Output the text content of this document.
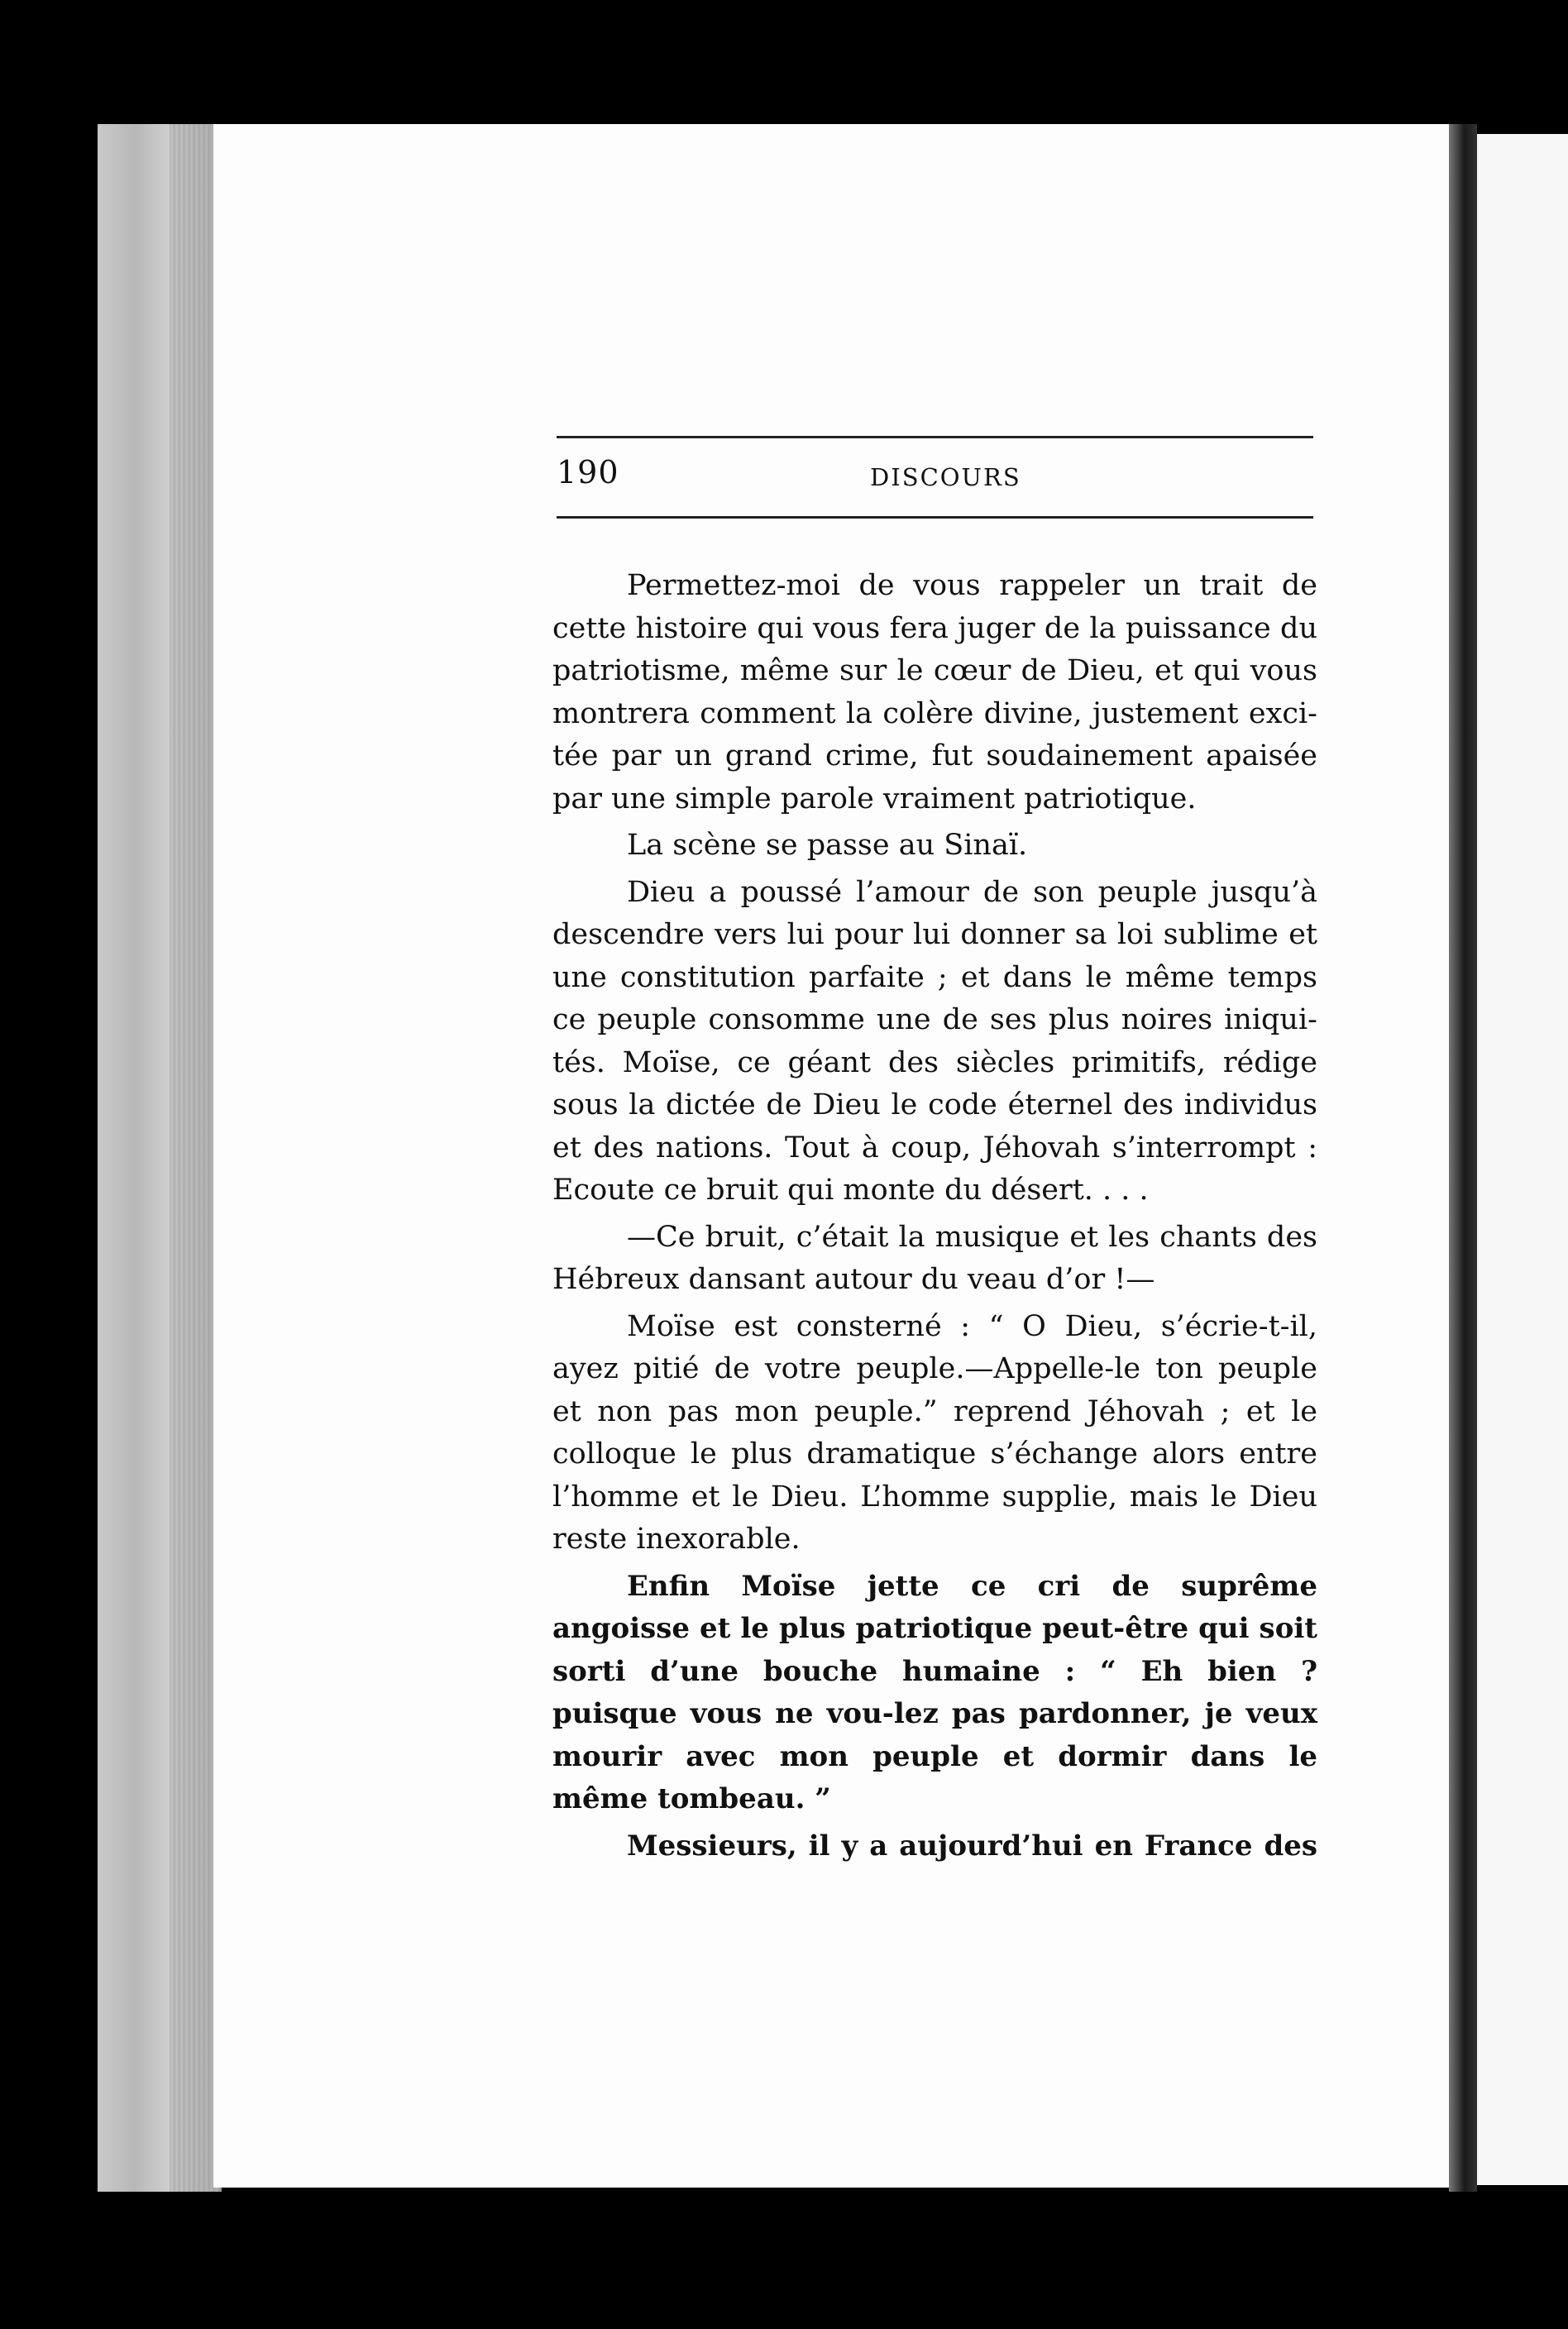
190	DISCOURS

Permettez-moi de vous rappeler un trait de cette histoire qui vous fera juger de la puissance du patriotisme, même sur le cœur de Dieu, et qui vous montrera comment la colère divine, justement exci-tée par un grand crime, fut soudainement apaisée par une simple parole vraiment patriotique.

La scène se passe au Sinaï.

Dieu a poussé l’amour de son peuple jusqu’à descendre vers lui pour lui donner sa loi sublime et une constitution parfaite ; et dans le même temps ce peuple consomme une de ses plus noires iniqui-tés. Moïse, ce géant des siècles primitifs, rédige sous la dictée de Dieu le code éternel des individus et des nations. Tout à coup, Jéhovah s’interrompt : Ecoute ce bruit qui monte du désert. . . .

—Ce bruit, c’était la musique et les chants des Hébreux dansant autour du veau d’or !—

Moïse est consterné : “ O Dieu, s’écrie-t-il, ayez pitié de votre peuple.—Appelle-le ton peuple et non pas mon peuple.” reprend Jéhovah ; et le colloque le plus dramatique s’échange alors entre l’homme et le Dieu. L’homme supplie, mais le Dieu reste inexorable.

Enfin Moïse jette ce cri de suprême angoisse et le plus patriotique peut-être qui soit sorti d’une bouche humaine : “ Eh bien ? puisque vous ne vou-lez pas pardonner, je veux mourir avec mon peuple et dormir dans le même tombeau. ”

Messieurs, il y a aujourd’hui en France des
